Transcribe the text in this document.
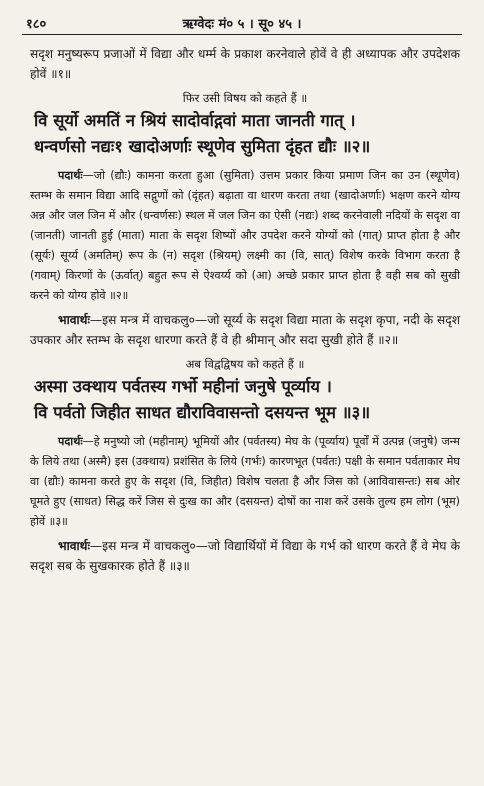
१८०	ऋग्वेदः मं० ५ । सू० ४५ ।

सदृश मनुष्यरूप प्रजाओं में विद्या और धर्म्म के प्रकाश करनेवाले होवें वे ही अध्यापक और उपदेशक होवें ॥१॥

फिर उसी विषय को कहते हैं ॥

वि सूर्यो अमतिं न श्रियं सादोर्वाद्गवां माता जानती गात् ।

धन्वर्णसो नद्यः१ खादोअर्णाः स्थूणेव सुमिता दृंहत द्यौः ॥२॥

पदार्थः—जो (द्यौः) कामना करता हुआ (सुमिता) उत्तम प्रकार किया प्रमाण जिन का उन (स्थूणेव) स्तम्भ के समान विद्या आदि सद्गुणों को (दृंहत) बढ़ाता वा धारण करता तथा (खादोअर्णाः) भक्षण करने योग्य अन्न और जल जिन में और (धन्वर्णसः) स्थल में जल जिन का ऐसी (नद्यः) शब्द करनेवाली नदियों के सदृश वा (जानती) जानती हुई (माता) माता के सदृश शिष्यों और उपदेश करने योग्यों को (गात्) प्राप्त होता है और (सूर्यः) सूर्य्य (अमतिम्) रूप के (न) सदृश (श्रियम्) लक्ष्मी का (वि, सात्) विशेष करके विभाग करता है (गवाम्) किरणों के (ऊर्वात्) बहुत रूप से ऐश्वर्य्य को (आ) अच्छे प्रकार प्राप्त होता है वही सब को सुखी करने को योग्य होवे ॥२॥

भावार्थः—इस मन्त्र में वाचकलु०—जो सूर्य्य के सदृश विद्या माता के सदृश कृपा, नदी के सदृश उपकार और स्तम्भ के सदृश धारणा करते हैं वे ही श्रीमान् और सदा सुखी होते हैं ॥२॥

अब विद्वद्विषय को कहते हैं ॥

अस्मा उक्थाय पर्वतस्य गर्भो महीनां जनुषे पूर्व्याय ।

वि पर्वतो जिहीत साधत द्यौराविवासन्तो दसयन्त भूम ॥३॥

पदार्थः—हे मनुष्यो जो (महीनाम्) भूमियों और (पर्वतस्य) मेघ के (पूर्व्याय) पूर्वों में उत्पन्न (जनुषे) जन्म के लिये तथा (अस्मै) इस (उक्थाय) प्रशंसित के लिये (गर्भः) कारणभूत (पर्वतः) पक्षी के समान पर्वताकार मेघ वा (द्यौः) कामना करते हुए के सदृश (वि, जिहीत) विशेष चलता है और जिस को (आविवासन्तः) सब ओर घूमते हुए (साधत) सिद्ध करें जिस से दुःख का और (दसयन्त) दोषों का नाश करें उसके तुल्य हम लोग (भूम) होवें ॥३॥

भावार्थः—इस मन्त्र में वाचकलु०—जो विद्यार्थियों में विद्या के गर्भ को धारण करते हैं वे मेघ के सदृश सब के सुखकारक होते हैं ॥३॥
